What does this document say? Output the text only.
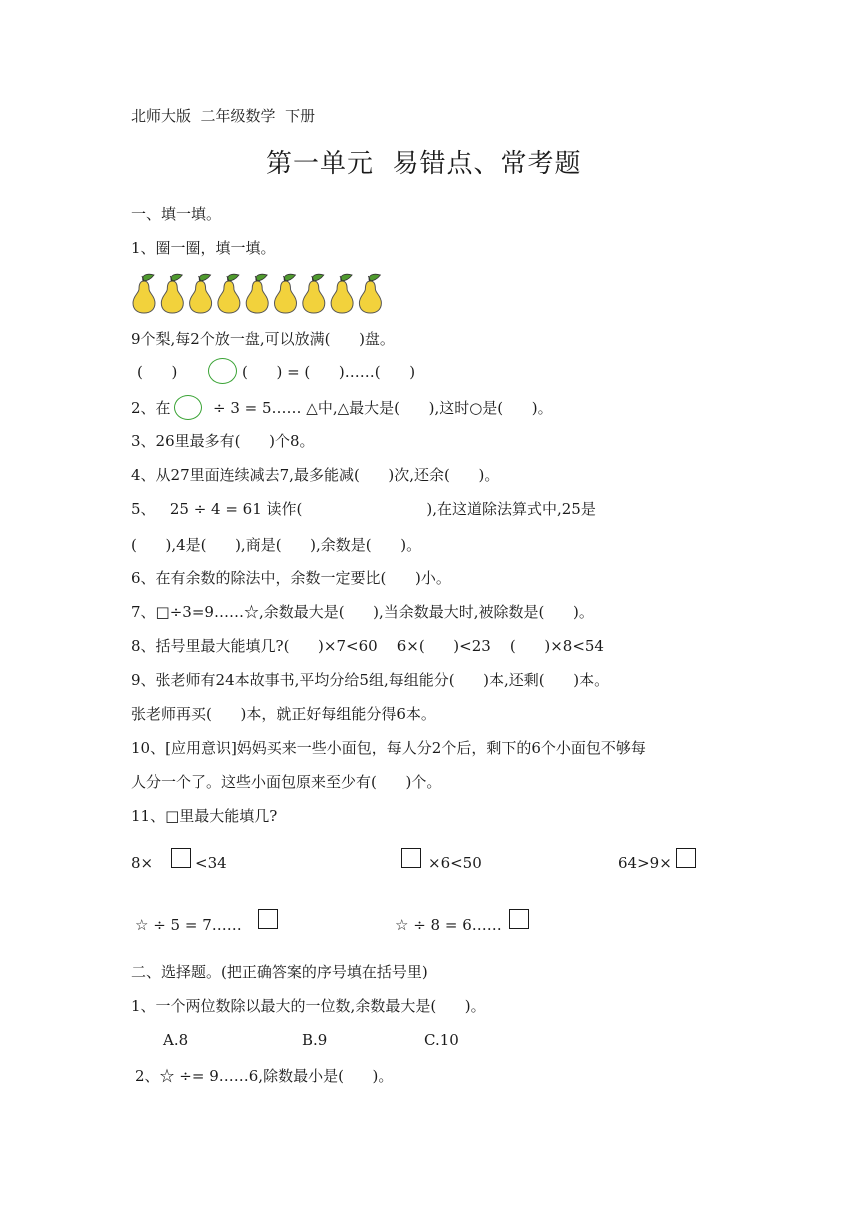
北师大版  二年级数学  下册
第一单元  易错点、常考题
一、填一填。
1、圈一圈，填一填。
9个梨,每2个放一盘,可以放满(      )盘。
(      )	(      ) = (      )……(      )
2、在	÷ 3 = 5…… △中,△最大是(      ),这时○是(      )。
3、26里最多有(      )个8。
4、从27里面连续减去7,最多能减(      )次,还余(      )。
5、   25 ÷ 4 = 61 读作(                          ),在这道除法算式中,25是
(      ),4是(      ),商是(      ),余数是(      )。
6、在有余数的除法中，余数一定要比(      )小。
7、□÷3=9……☆,余数最大是(      ),当余数最大时,被除数是(      )。
8、括号里最大能填几?(      )×7<60    6×(      )<23    (      )×8<54
9、张老师有24本故事书,平均分给5组,每组能分(      )本,还剩(      )本。
张老师再买(      )本，就正好每组能分得6本。
10、[应用意识]妈妈买来一些小面包，每人分2个后，剩下的6个小面包不够每
人分一个了。这些小面包原来至少有(      )个。
11、□里最大能填几?
8×	<34	×6<50	64>9×
☆ ÷ 5 = 7……	☆ ÷ 8 = 6……
二、选择题。(把正确答案的序号填在括号里)
1、一个两位数除以最大的一位数,余数最大是(      )。
A.8	B.9	C.10
2、☆ ÷= 9……6,除数最小是(      )。
